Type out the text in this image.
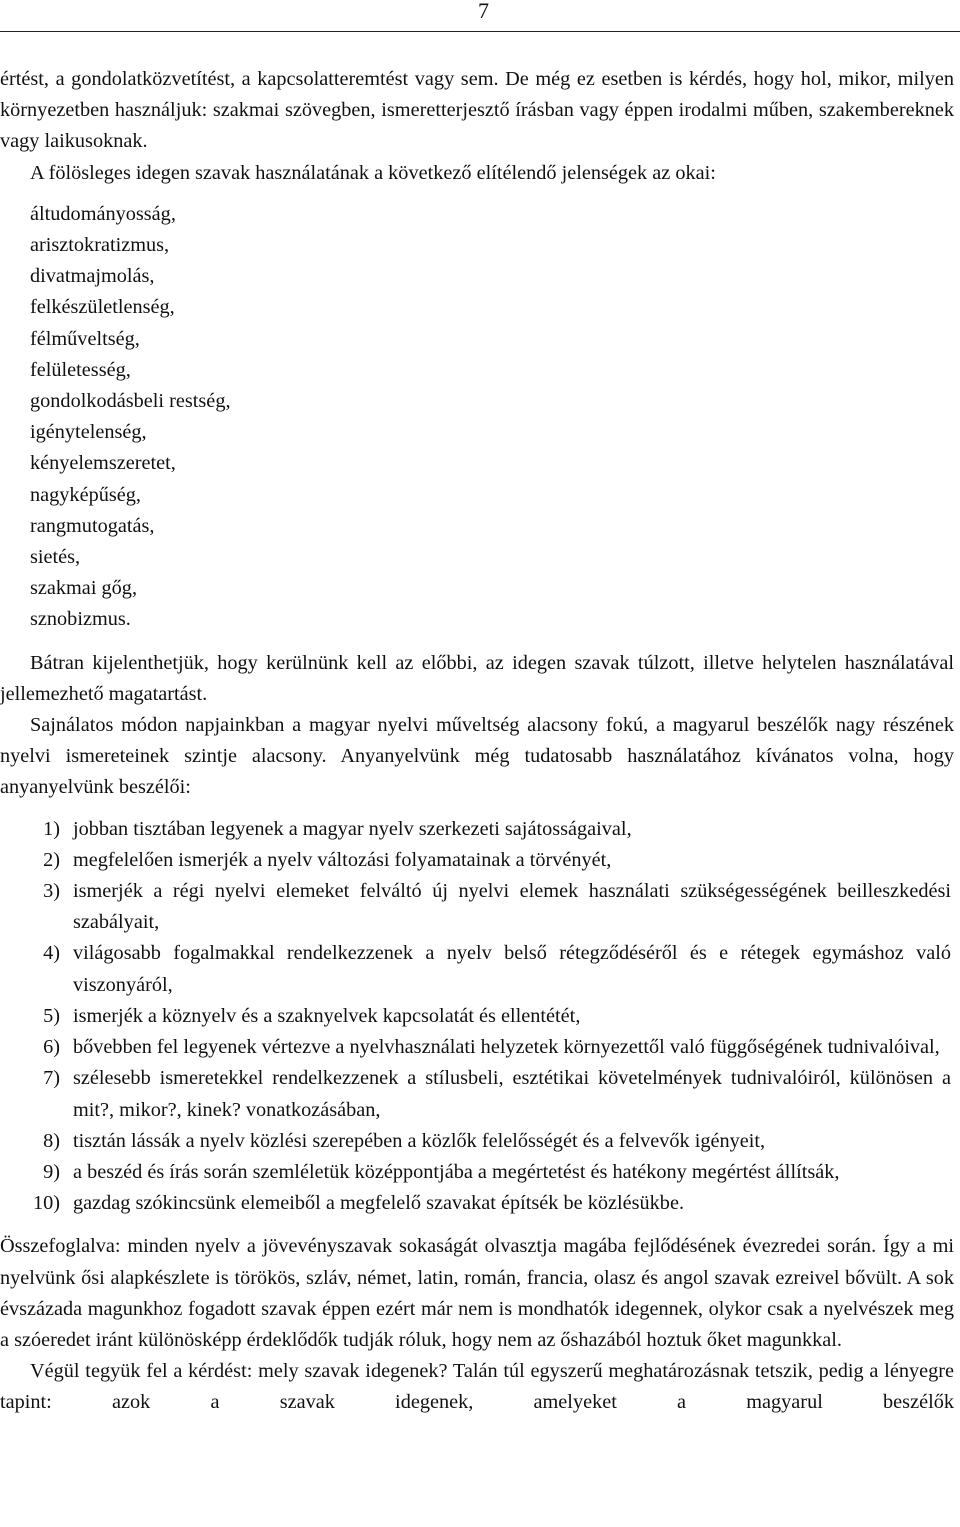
7

értést, a gondolatközvetítést, a kapcsolatteremtést vagy sem. De még ez esetben is kérdés, hogy hol, mikor, milyen környezetben használjuk: szakmai szövegben, ismeretterjesztő írásban vagy éppen irodalmi műben, szakembereknek vagy laikusoknak.

A fölösleges idegen szavak használatának a következő elítélendő jelenségek az okai:

áltudományosság,
arisztokratizmus,
divatmajmolás,
felkészületlenség,
félműveltség,
felületesség,
gondolkodásbeli restség,
igénytelenség,
kényelemszeretet,
nagyképűség,
rangmutogatás,
sietés,
szakmai gőg,
sznobizmus.

Bátran kijelenthetjük, hogy kerülnünk kell az előbbi, az idegen szavak túlzott, illetve helytelen használatával jellemezhető magatartást.

Sajnálatos módon napjainkban a magyar nyelvi műveltség alacsony fokú, a magyarul beszélők nagy részének nyelvi ismereteinek szintje alacsony. Anyanyelvünk még tudatosabb használatához kívánatos volna, hogy anyanyelvünk beszélői:

1) jobban tisztában legyenek a magyar nyelv szerkezeti sajátosságaival,
2) megfelelően ismerjék a nyelv változási folyamatainak a törvényét,
3) ismerjék a régi nyelvi elemeket felváltó új nyelvi elemek használati szükségességének beilleszkedési szabályait,
4) világosabb fogalmakkal rendelkezzenek a nyelv belső rétegződéséről és e rétegek egymáshoz való viszonyáról,
5) ismerjék a köznyelv és a szaknyelvek kapcsolatát és ellentétét,
6) bővebben fel legyenek vértezve a nyelvhasználati helyzetek környezettől való függőségének tudnivalóival,
7) szélesebb ismeretekkel rendelkezzenek a stílusbeli, esztétikai követelmények tudnivalóiról, különösen a mit?, mikor?, kinek? vonatkozásában,
8) tisztán lássák a nyelv közlési szerepében a közlők felelősségét és a felvevők igényeit,
9) a beszéd és írás során szemléletük középpontjába a megértetést és hatékony megértést állítsák,
10) gazdag szókincsünk elemeiből a megfelelő szavakat építsék be közlésükbe.

Összefoglalva: minden nyelv a jövevényszavak sokaságát olvasztja magába fejlődésének évezredei során. Így a mi nyelvünk ősi alapkészlete is törökös, szláv, német, latin, román, francia, olasz és angol szavak ezreivel bővült. A sok évszázada magunkhoz fogadott szavak éppen ezért már nem is mondhatók idegennek, olykor csak a nyelvészek meg a szóeredet iránt különösképp érdeklődők tudják róluk, hogy nem az őshazából hoztuk őket magunkkal.

Végül tegyük fel a kérdést: mely szavak idegenek? Talán túl egyszerű meghatározásnak tetszik, pedig a lényegre tapint: azok a szavak idegenek, amelyeket a magyarul beszélők
